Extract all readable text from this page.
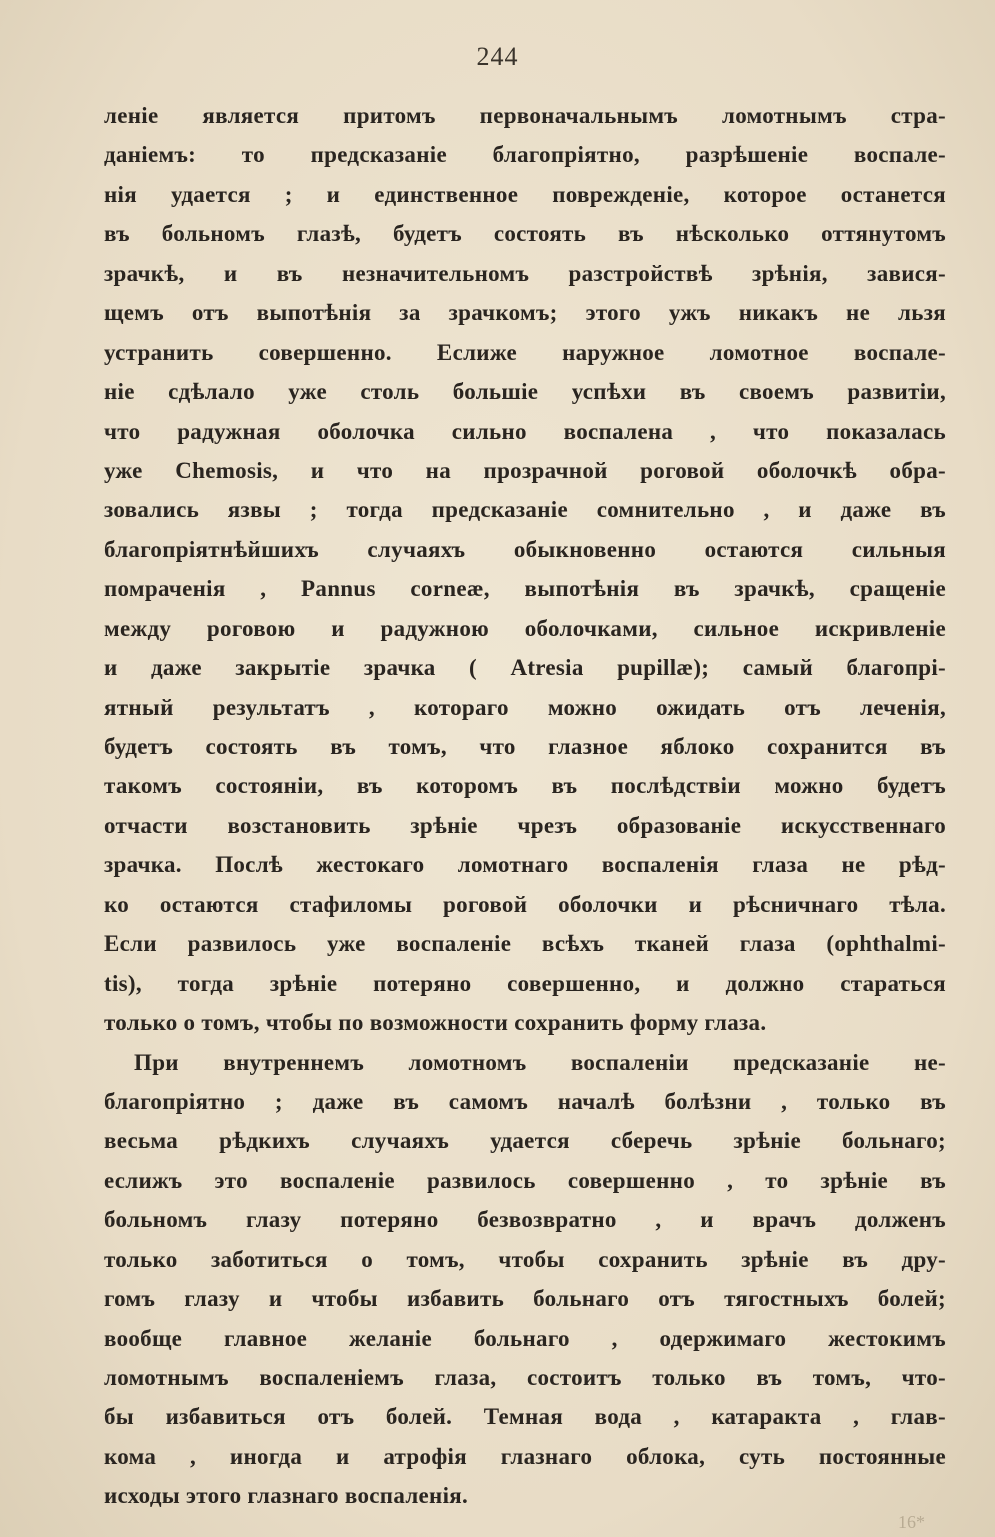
244
леніе является притомъ первоначальнымъ ломотнымъ стра-
даніемъ: то предсказаніе благопріятно, разрѣшеніе воспале-
нія удается ; и единственное поврежденіе, которое останется
въ больномъ глазѣ, будетъ состоять въ нѣсколько оттянутомъ
зрачкѣ, и въ незначительномъ разстройствѣ зрѣнія, завися-
щемъ отъ выпотѣнія за зрачкомъ; этого ужъ никакъ не льзя
устранить совершенно. Еслиже наружное ломотное воспале-
ніе сдѣлало уже столь большіе успѣхи въ своемъ развитіи,
что радужная оболочка сильно воспалена , что показалась
уже Chemosis, и что на прозрачной роговой оболочкѣ обра-
зовались язвы ; тогда предсказаніе сомнительно , и даже въ
благопріятнѣйшихъ случаяхъ обыкновенно остаются сильныя
помраченія , Pannus corneæ, выпотѣнія въ зрачкѣ, сращеніе
между роговою и радужною оболочками, сильное искривленіе
и даже закрытіе зрачка ( Atresia pupillæ); самый благопрі-
ятный результатъ , котораго можно ожидать отъ леченія,
будетъ состоять въ томъ, что глазное яблоко сохранится въ
такомъ состояніи, въ которомъ въ послѣдствіи можно будетъ
отчасти возстановить зрѣніе чрезъ образованіе искусственнаго
зрачка. Послѣ жестокаго ломотнаго воспаленія глаза не рѣд-
ко остаются стафиломы роговой оболочки и рѣсничнаго тѣла.
Если развилось уже воспаленіе всѣхъ тканей глаза (ophthalmi-
tis), тогда зрѣніе потеряно совершенно, и должно стараться
только о томъ, чтобы по возможности сохранить форму глаза.
При внутреннемъ ломотномъ воспаленіи предсказаніе не-
благопріятно ; даже въ самомъ началѣ болѣзни , только въ
весьма рѣдкихъ случаяхъ удается сберечь зрѣніе больнаго;
еслижъ это воспаленіе развилось совершенно , то зрѣніе въ
больномъ глазу потеряно безвозвратно , и врачъ долженъ
только заботиться о томъ, чтобы сохранить зрѣніе въ дру-
гомъ глазу и чтобы избавить больнаго отъ тягостныхъ болей;
вообще главное желаніе больнаго , одержимаго жестокимъ
ломотнымъ воспаленіемъ глаза, состоитъ только въ томъ, что-
бы избавиться отъ болей. Темная вода , катаракта , глав-
кома , иногда и атрофія глазнаго облока, суть постоянные
исходы этого глазнаго воспаленія.
16*
